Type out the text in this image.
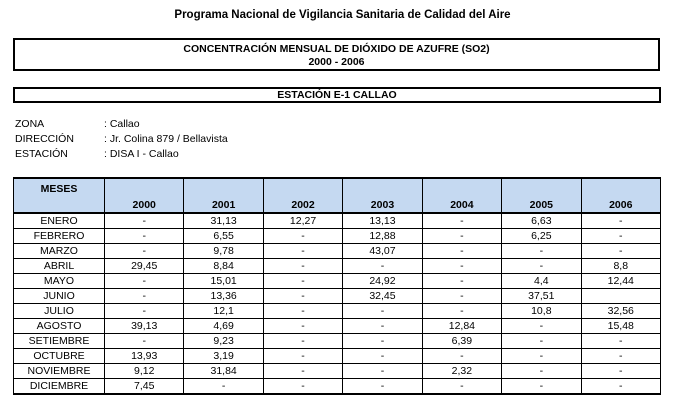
Programa Nacional de Vigilancia Sanitaria de Calidad del Aire
CONCENTRACIÓN MENSUAL DE DIÓXIDO DE AZUFRE (SO2)
2000 - 2006
ESTACIÓN E-1 CALLAO
ZONA	: Callao
DIRECCIÓN	: Jr. Colina 879 / Bellavista
ESTACIÓN	: DISA I - Callao
MESES	2000	2001	2002	2003	2004	2005	2006
ENERO	-	31,13	12,27	13,13	-	6,63	-
FEBRERO	-	6,55	-	12,88	-	6,25	-
MARZO	-	9,78	-	43,07	-	-	-
ABRIL	29,45	8,84	-	-	-	-	8,8
MAYO	-	15,01	-	24,92	-	4,4	12,44
JUNIO	-	13,36	-	32,45	-	37,51	
JULIO	-	12,1	-	-	-	10,8	32,56
AGOSTO	39,13	4,69	-	-	12,84	-	15,48
SETIEMBRE	-	9,23	-	-	6,39	-	-
OCTUBRE	13,93	3,19	-	-	-	-	-
NOVIEMBRE	9,12	31,84	-	-	2,32	-	-
DICIEMBRE	7,45	-	-	-	-	-	-
